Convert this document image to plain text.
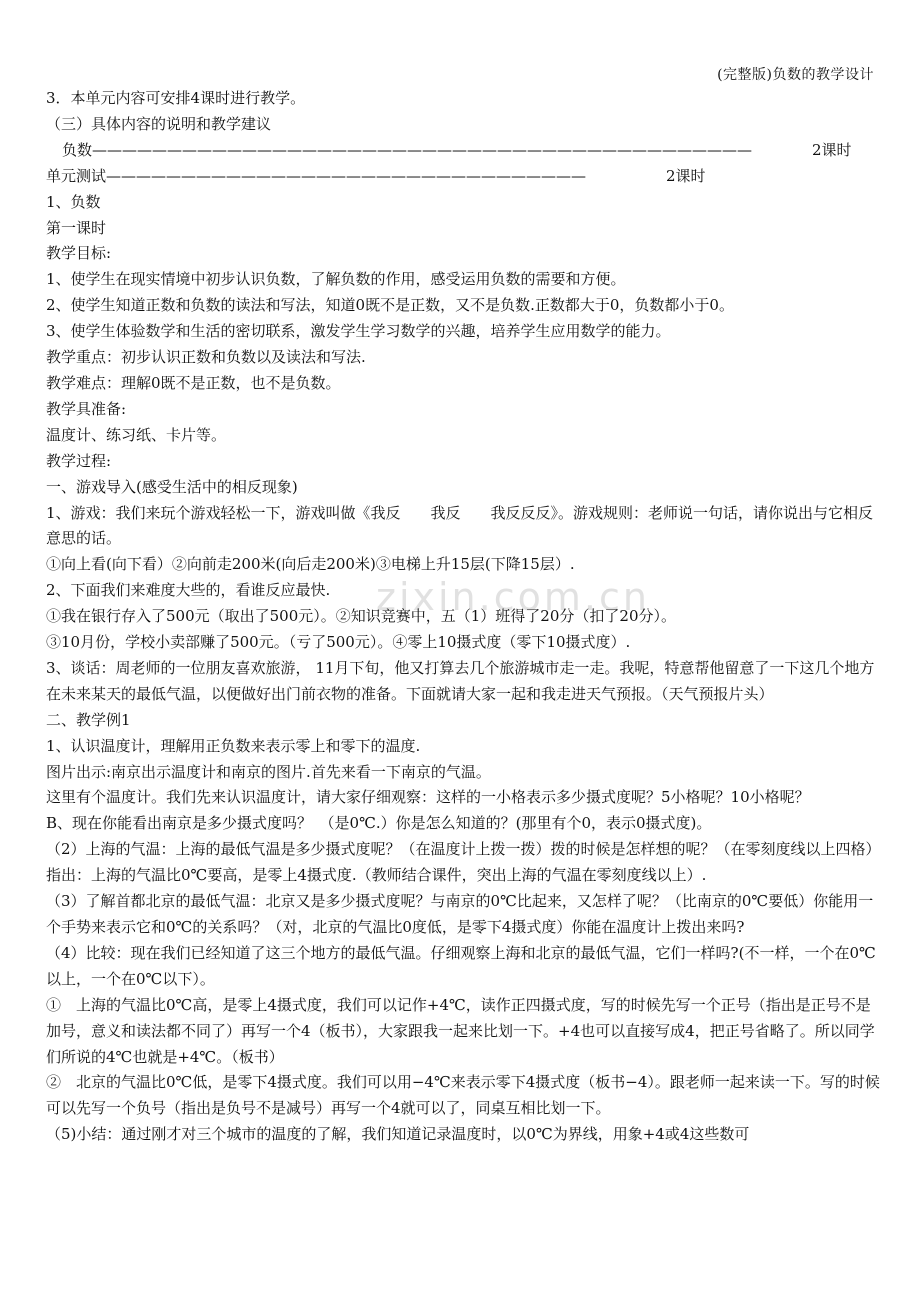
(完整版)负数的教学设计
zixin.com.cn

3．本单元内容可安排4课时进行教学。

（三）具体内容的说明和教学建议

负数 ————————————————————————————————————————————	2课时
单元测试 ————————————————————————————————	2课时

1、负数

第一课时

教学目标:

1、使学生在现实情境中初步认识负数，了解负数的作用，感受运用负数的需要和方便。

2、使学生知道正数和负数的读法和写法，知道0既不是正数，又不是负数.正数都大于0，负数都小于0。

3、使学生体验数学和生活的密切联系，激发学生学习数学的兴趣，培养学生应用数学的能力。

教学重点：初步认识正数和负数以及读法和写法.

教学难点：理解0既不是正数，也不是负数。

教学具准备:

温度计、练习纸、卡片等。

教学过程:

一、游戏导入(感受生活中的相反现象)

1、游戏：我们来玩个游戏轻松一下，游戏叫做《我反　　我反　　我反反反》。游戏规则：老师说一句话，请你说出与它相反意思的话。

①向上看(向下看）②向前走200米(向后走200米)③电梯上升15层(下降15层）.

2、下面我们来难度大些的，看谁反应最快.

①我在银行存入了500元（取出了500元）。②知识竞赛中，五（1）班得了20分（扣了20分）。

③10月份，学校小卖部赚了500元。（亏了500元）。④零上10摄式度（零下10摄式度）.

3、谈话：周老师的一位朋友喜欢旅游， 11月下旬，他又打算去几个旅游城市走一走。我呢，特意帮他留意了一下这几个地方在未来某天的最低气温，以便做好出门前衣物的准备。下面就请大家一起和我走进天气预报。（天气预报片头）

二、教学例1

1、认识温度计，理解用正负数来表示零上和零下的温度.

图片出示:南京出示温度计和南京的图片.首先来看一下南京的气温。

这里有个温度计。我们先来认识温度计，请大家仔细观察：这样的一小格表示多少摄式度呢？5小格呢？10小格呢？

B、现在你能看出南京是多少摄式度吗？　（是0℃.）你是怎么知道的？(那里有个0，表示0摄式度)。

（2）上海的气温：上海的最低气温是多少摄式度呢？（在温度计上拨一拨）拨的时候是怎样想的呢？（在零刻度线以上四格）

指出：上海的气温比0℃要高，是零上4摄式度.（教师结合课件，突出上海的气温在零刻度线以上）.

（3）了解首都北京的最低气温：北京又是多少摄式度呢？与南京的0℃比起来，又怎样了呢？（比南京的0℃要低）你能用一个手势来表示它和0℃的关系吗？（对，北京的气温比0度低，是零下4摄式度）你能在温度计上拨出来吗?

（4）比较：现在我们已经知道了这三个地方的最低气温。仔细观察上海和北京的最低气温，它们一样吗?(不一样，一个在0℃以上，一个在0℃以下）。

①　上海的气温比0℃高，是零上4摄式度，我们可以记作+4℃，读作正四摄式度，写的时候先写一个正号（指出是正号不是加号，意义和读法都不同了）再写一个4（板书），大家跟我一起来比划一下。+4也可以直接写成4，把正号省略了。所以同学们所说的4℃也就是+4℃。（板书）

②　北京的气温比0℃低，是零下4摄式度。我们可以用−4℃来表示零下4摄式度（板书−4）。跟老师一起来读一下。写的时候可以先写一个负号（指出是负号不是减号）再写一个4就可以了，同桌互相比划一下。

（5)小结：通过刚才对三个城市的温度的了解，我们知道记录温度时，以0℃为界线，用象+4或4这些数可
